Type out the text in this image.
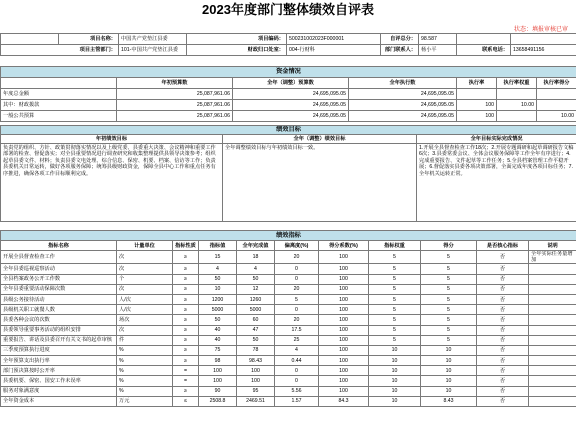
2023年度部门整体绩效自评表
状态：填报审核已审
	项目名称：	中国共产党垫江县委	项目编码：	500231002023F000001	自评总分：	98.587		
项目主管部门：		101-中国共产党垫江县委	财政归口处室：	004-行财科	部门联系人：	杨小平	联系电话：	13658491156
资金情况						
	年初预算数	全年（调整）预算数	全年执行数	执行率	执行率权重	执行率得分
年度总金额	25,087,961.06	24,695,095.05	24,695,095.05			
其中：财政拨款	25,087,961.06	24,695,095.05	24,695,095.05	100	10.00	
一般公共预算	25,087,961.06	24,695,095.05	24,695,095.05	100		10.00
绩效目标		
年初绩效目标	全年（调整）绩效目标	全年目标实际完成情况
负责党的组织、方针、政策贯彻落实情况以及上级党委、县委重大决策、会议精神和重要工作部署的检查、督促落实；对全县重要情况进行调查研究和收集整理提供县领导决策参考；组织起草县委文件、材料；负责县委文电处理、综合信息、保密、机要、档案、信访等工作；负责县委机关日常运转，做好各项服务保障；统筹县级财政资金，保障全县中心工作和重点任务有序推进，确保各项工作目标顺利完成。	全年调整绩效目标与年初绩效目标一致。	1.开展全县督查检查工作18次；2.开展专题调研和起草调研报告文稿6次；3.县委常委会议、全体会议服务保障等工作全年有序进行；4.完成重要报告、文件起草等工作任务；5.全县档案管理工作平稳开展；6.督促落实县委各项决策部署，全面完成年度各项目标任务；7.全年机关运转正常。
绩效指标										
指标名称	计量单位	指标性质	指标值	全年完成值	偏离度(%)	得分系数(%)	指标权重	得分	是否核心指标	说明
开展全县督查检查工作	次	≥	15	18	20	100	5	5	否	全年实际任务量增加
全年县委巡视巡察活动	次	≥	4	4	0	100	5	5	否	
全县档案政务公开工作数	个	≥	50	50	0	100	5	5	否	
全年县委重要活动保障次数	次	≥	10	12	20	100	5	5	否	
县级公务接待活动	人/次	≥	1200	1260	5	100	5	5	否	
县级机关职工就餐人数	人/次	≥	5000	5000	0	100	5	5	否	
县委各种会议的次数	场次	≥	50	60	20	100	5	5	否	
县委领导重要事务活动的组织安排	次	≥	40	47	17.5	100	5	5	否	
重要报告、讲话及县委召开有关文书的起草审核	件	≥	40	50	25	100	5	5	否	
三季度预算执行进度	%	≥	75	78	4	100	10	10	否	
全年预算支出执行率	%	≥	98	98.43	0.44	100	10	10	否	
部门预决算按时公开率	%	=	100	100	0	100	10	10	否	
县委机要、保密、国安工作未误率	%	=	100	100	0	100	10	10	否	
服务对象满意度	%	≥	90	95	5.56	100	10	10	否	
全年资金成本	万元	≤	2508.8	2469.51	1.57	84.3	10	8.43	否	
